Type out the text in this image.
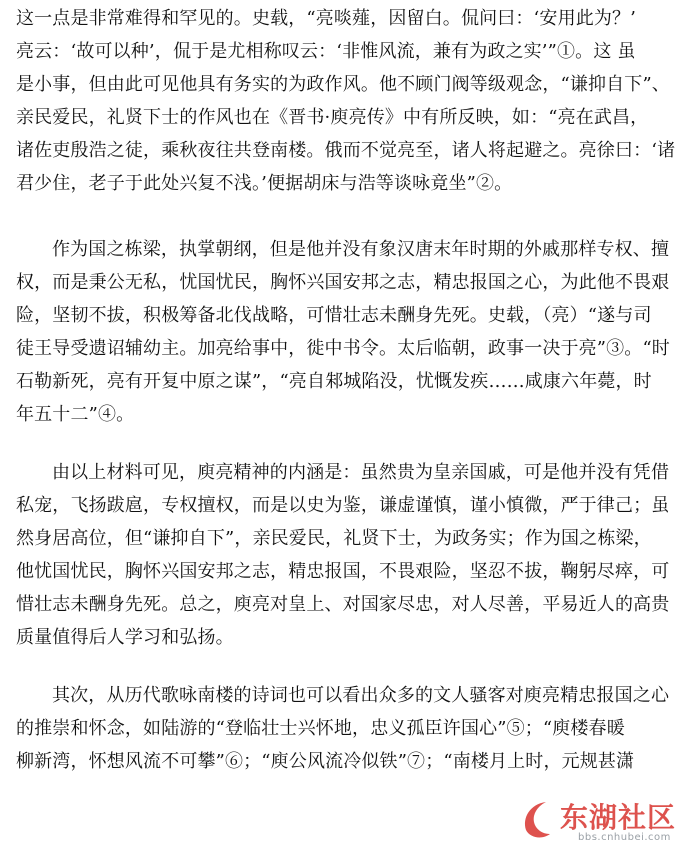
这一点是非常难得和罕见的。史载，“亮啖薤，因留白。侃问曰：‘安用此为？’
亮云：‘故可以种’，侃于是尤相称叹云：‘非惟风流，兼有为政之实’”①。这 虽
是小事，但由此可见他具有务实的为政作风。他不顾门阀等级观念，“谦抑自下”、
亲民爱民，礼贤下士的作风也在《晋书·庾亮传》中有所反映，如：“亮在武昌，
诸佐吏殷浩之徒，乘秋夜往共登南楼。俄而不觉亮至，诸人将起避之。亮徐曰：‘诸
君少住，老子于此处兴复不浅。’便据胡床与浩等谈咏竟坐”②。
作为国之栋梁，执掌朝纲，但是他并没有象汉唐末年时期的外戚那样专权、擅
权，而是秉公无私，忧国忧民，胸怀兴国安邦之志，精忠报国之心，为此他不畏艰
险，坚韧不拔，积极筹备北伐战略，可惜壮志未酬身先死。史载，（亮）“遂与司
徒王导受遗诏辅幼主。加亮给事中，徙中书令。太后临朝，政事一决于亮”③。“时
石勒新死，亮有开复中原之谋”，“亮自邾城陷没，忧慨发疾……咸康六年薨，时
年五十二”④。
由以上材料可见，庾亮精神的内涵是：虽然贵为皇亲国戚，可是他并没有凭借
私宠，飞扬跋扈，专权擅权，而是以史为鉴，谦虚谨慎，谨小慎微，严于律己；虽
然身居高位，但“谦抑自下”，亲民爱民，礼贤下士，为政务实；作为国之栋梁，
他忧国忧民，胸怀兴国安邦之志，精忠报国，不畏艰险，坚忍不拔，鞠躬尽瘁，可
惜壮志未酬身先死。总之，庾亮对皇上、对国家尽忠，对人尽善，平易近人的高贵
质量值得后人学习和弘扬。
其次，从历代歌咏南楼的诗词也可以看出众多的文人骚客对庾亮精忠报国之心
的推崇和怀念，如陆游的“登临壮士兴怀地，忠义孤臣许国心”⑤；“庾楼春暖
柳新湾，怀想风流不可攀”⑥；“庾公风流冷似铁”⑦；“南楼月上时，元规甚潇
东湖社区
bbs.cnhubei.com
